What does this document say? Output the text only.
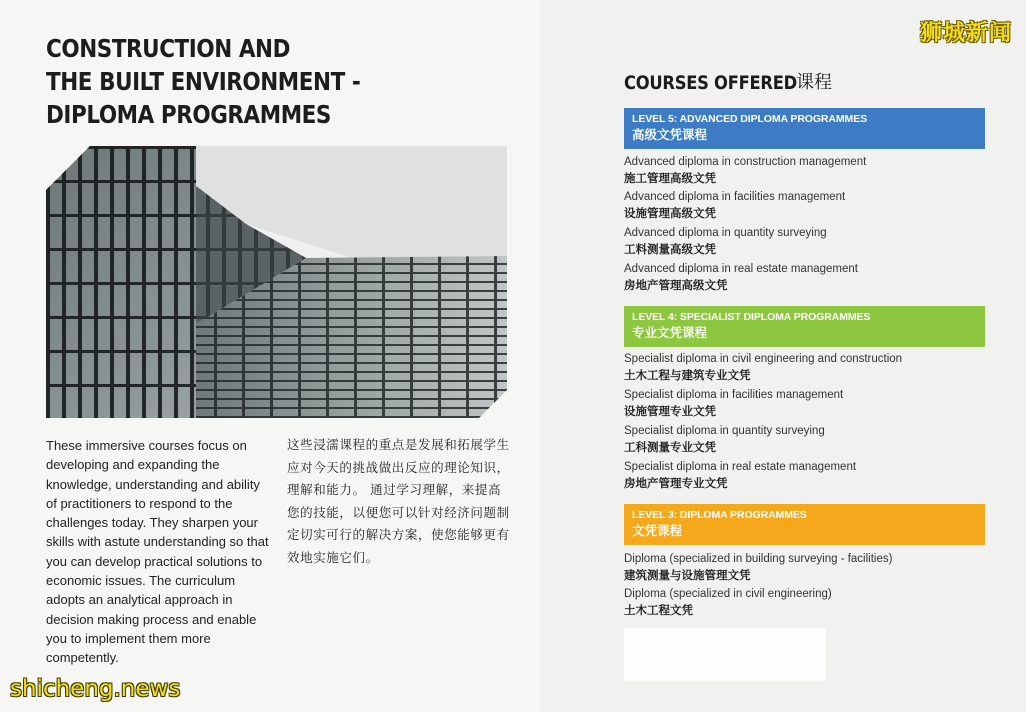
CONSTRUCTION AND
THE BUILT ENVIRONMENT -
DIPLOMA PROGRAMMES

These immersive courses focus on developing and expanding the knowledge, understanding and ability of practitioners to respond to the challenges today. They sharpen your skills with astute understanding so that you can develop practical solutions to economic issues. The curriculum adopts an analytical approach in decision making process and enable you to implement them more competently.

这些浸濡课程的重点是发展和拓展学生应对今天的挑战做出反应的理论知识，理解和能力。 通过学习理解，来提高您的技能，以便您可以针对经济问题制定切实可行的解决方案，使您能够更有效地实施它们。

狮城新闻
shicheng.news
COURSES OFFERED 课程
LEVEL 5: ADVANCED DIPLOMA PROGRAMMES
高级文凭课程
Advanced diploma in construction management
施工管理高级文凭
Advanced diploma in facilities management
设施管理高级文凭
Advanced diploma in quantity surveying
工料测量高级文凭
Advanced diploma in real estate management
房地产管理高级文凭
LEVEL 4: SPECIALIST DIPLOMA PROGRAMMES
专业文凭课程
Specialist diploma in civil engineering and construction
土木工程与建筑专业文凭
Specialist diploma in facilities management
设施管理专业文凭
Specialist diploma in quantity surveying
工科测量专业文凭
Specialist diploma in real estate management
房地产管理专业文凭
LEVEL 3: DIPLOMA PROGRAMMES
文凭课程
Diploma (specialized in building surveying - facilities)
建筑测量与设施管理文凭
Diploma (specialized in civil engineering)
土木工程文凭
